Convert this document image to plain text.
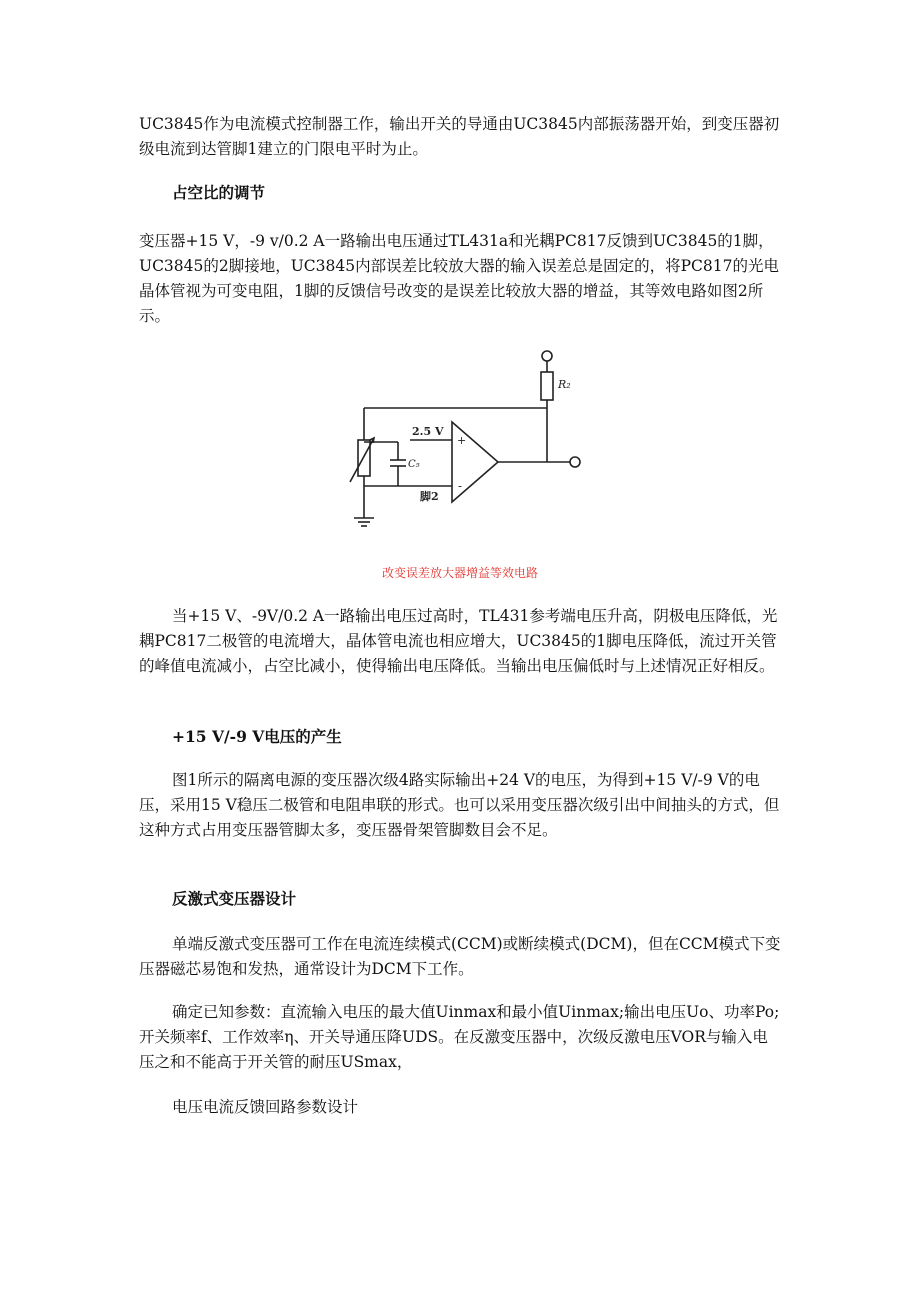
UC3845作为电流模式控制器工作，输出开关的导通由UC3845内部振荡器开始，到变压器初级电流到达管脚1建立的门限电平时为止。

占空比的调节

变压器+15 V，-9 v/0.2 A一路输出电压通过TL431a和光耦PC817反馈到UC3845的1脚，UC3845的2脚接地，UC3845内部误差比较放大器的输入误差总是固定的，将PC817的光电晶体管视为可变电阻，1脚的反馈信号改变的是误差比较放大器的增益，其等效电路如图2所示。

R₂
2.5 V
C₅
脚2
+
-
改变误差放大器增益等效电路

当+15 V、-9V/0.2 A一路输出电压过高时，TL431参考端电压升高，阴极电压降低，光耦PC817二极管的电流增大，晶体管电流也相应增大，UC3845的1脚电压降低，流过开关管的峰值电流减小，占空比减小，使得输出电压降低。当输出电压偏低时与上述情况正好相反。

+15 V/-9 V电压的产生

图1所示的隔离电源的变压器次级4路实际输出+24 V的电压，为得到+15 V/-9 V的电压，采用15 V稳压二极管和电阻串联的形式。也可以采用变压器次级引出中间抽头的方式，但这种方式占用变压器管脚太多，变压器骨架管脚数目会不足。

反激式变压器设计

单端反激式变压器可工作在电流连续模式(CCM)或断续模式(DCM)，但在CCM模式下变压器磁芯易饱和发热，通常设计为DCM下工作。

确定已知参数：直流输入电压的最大值Uinmax和最小值Uinmax;输出电压Uo、功率Po;开关频率f、工作效率η、开关导通压降UDS。在反激变压器中，次级反激电压VOR与输入电压之和不能高于开关管的耐压USmax，

电压电流反馈回路参数设计
